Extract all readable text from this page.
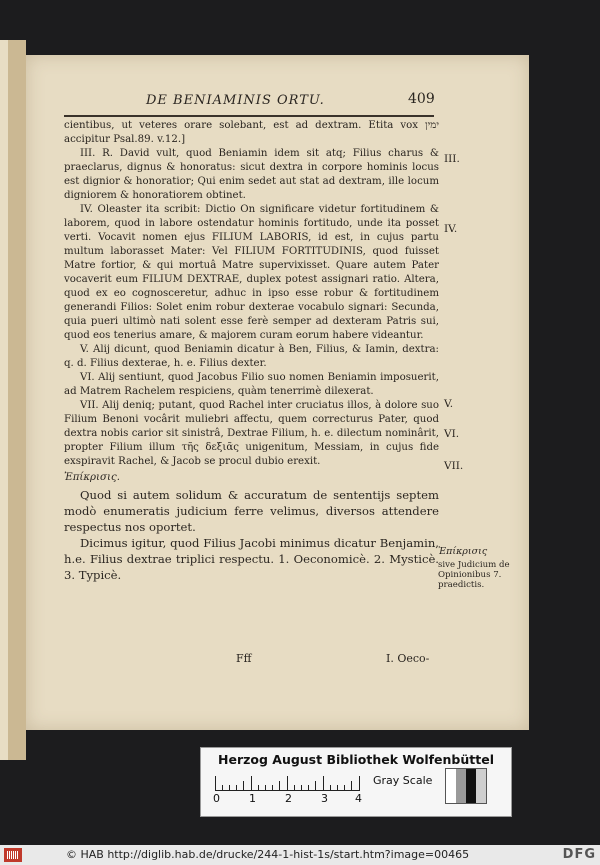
DE BENIAMINIS ORTU.	409

cientibus, ut veteres orare solebant, est ad dextram. Etita vox ימין accipitur Psal.89. v.12.]

III. R. David vult, quod Beniamin idem sit atq; Filius charus & praeclarus, dignus & honoratus: sicut dextra in corpore hominis locus est dignior & honoratior; Qui enim sedet aut stat ad dextram, ille locum digniorem & honoratiorem obtinet.

IV. Oleaster ita scribit: Dictio On significare videtur fortitudinem & laborem, quod in labore ostendatur hominis fortitudo, unde ita posset verti. Vocavit nomen ejus FILIUM LABORIS, id est, in cujus partu multum laborasset Mater: Vel FILIUM FORTITUDINIS, quod fuisset Matre fortior, & qui mortuâ Matre supervixisset. Quare autem Pater vocaverit eum FILIUM DEXTRAE, duplex potest assignari ratio. Altera, quod ex eo cognosceretur, adhuc in ipso esse robur & fortitudinem generandi Filios: Solet enim robur dexterae vocabulo signari: Secunda, quia pueri ultimò nati solent esse ferè semper ad dexteram Patris sui, quod eos tenerius amare, & majorem curam eorum habere videantur.

V. Alij dicunt, quod Beniamin dicatur à Ben, Filius, & Iamin, dextra: q. d. Filius dexterae, h. e. Filius dexter.

VI. Alij sentiunt, quod Jacobus Filio suo nomen Beniamin imposuerit, ad Matrem Rachelem respiciens, quàm tenerrimè dilexerat.

VII. Alij deniq; putant, quod Rachel inter cruciatus illos, à dolore suo Filium Benoni vocârit muliebri affectu, quem correcturus Pater, quod dextra nobis carior sit sinistrâ, Dextrae Filium, h. e. dilectum nominârit, propter Filium illum τῆς δεξιᾶς unigenitum, Messiam, in cujus fide exspiravit Rachel, & Jacob se procul dubio erexit.

Ἐπίκρισις.

Quod si autem solidum & accuratum de sententijs septem modò enumeratis judicium ferre velimus, diversos attendere respectus nos oportet.

Dicimus igitur, quod Filius Jacobi minimus dicatur Benjamin, h.e. Filius dextrae triplici respectu. 1. Oeconomicè. 2. Mysticè. 3. Typicè.

III.
IV.
V.
VI.
VII.
Ἐπίκρισις
sive Judicium de Opinionibus 7. praedictis.
Fff	I. Oeco-
Herzog August Bibliothek Wolfenbüttel
0	1	2	3 4
Gray Scale
© HAB http://diglib.hab.de/drucke/244-1-hist-1s/start.htm?image=00465	DFG
